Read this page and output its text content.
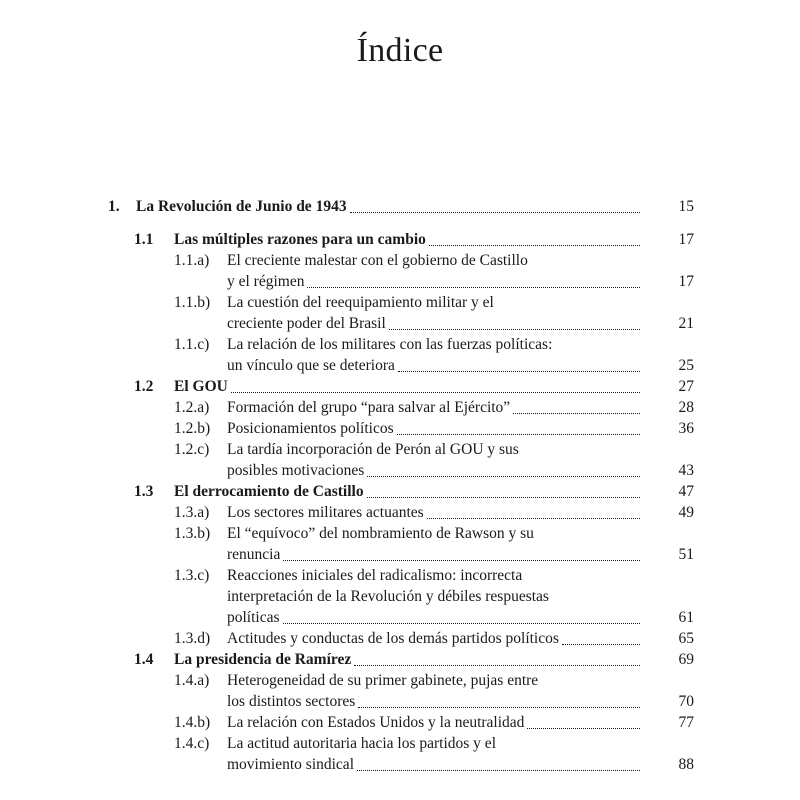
Índice
1. La Revolución de Junio de 1943	15
1.1 Las múltiples razones para un cambio	17
1.1.a) El creciente malestar con el gobierno de Castillo
y el régimen	17
1.1.b) La cuestión del reequipamiento militar y el
creciente poder del Brasil	21
1.1.c) La relación de los militares con las fuerzas políticas:
un vínculo que se deteriora	25
1.2 El GOU	27
1.2.a) Formación del grupo “para salvar al Ejército”	28
1.2.b) Posicionamientos políticos	36
1.2.c) La tardía incorporación de Perón al GOU y sus
posibles motivaciones	43
1.3 El derrocamiento de Castillo	47
1.3.a) Los sectores militares actuantes	49
1.3.b) El “equívoco” del nombramiento de Rawson y su
renuncia	51
1.3.c) Reacciones iniciales del radicalismo: incorrecta
interpretación de la Revolución y débiles respuestas
políticas	61
1.3.d) Actitudes y conductas de los demás partidos políticos	65
1.4 La presidencia de Ramírez	69
1.4.a) Heterogeneidad de su primer gabinete, pujas entre
los distintos sectores	70
1.4.b) La relación con Estados Unidos y la neutralidad	77
1.4.c) La actitud autoritaria hacia los partidos y el
movimiento sindical	88
